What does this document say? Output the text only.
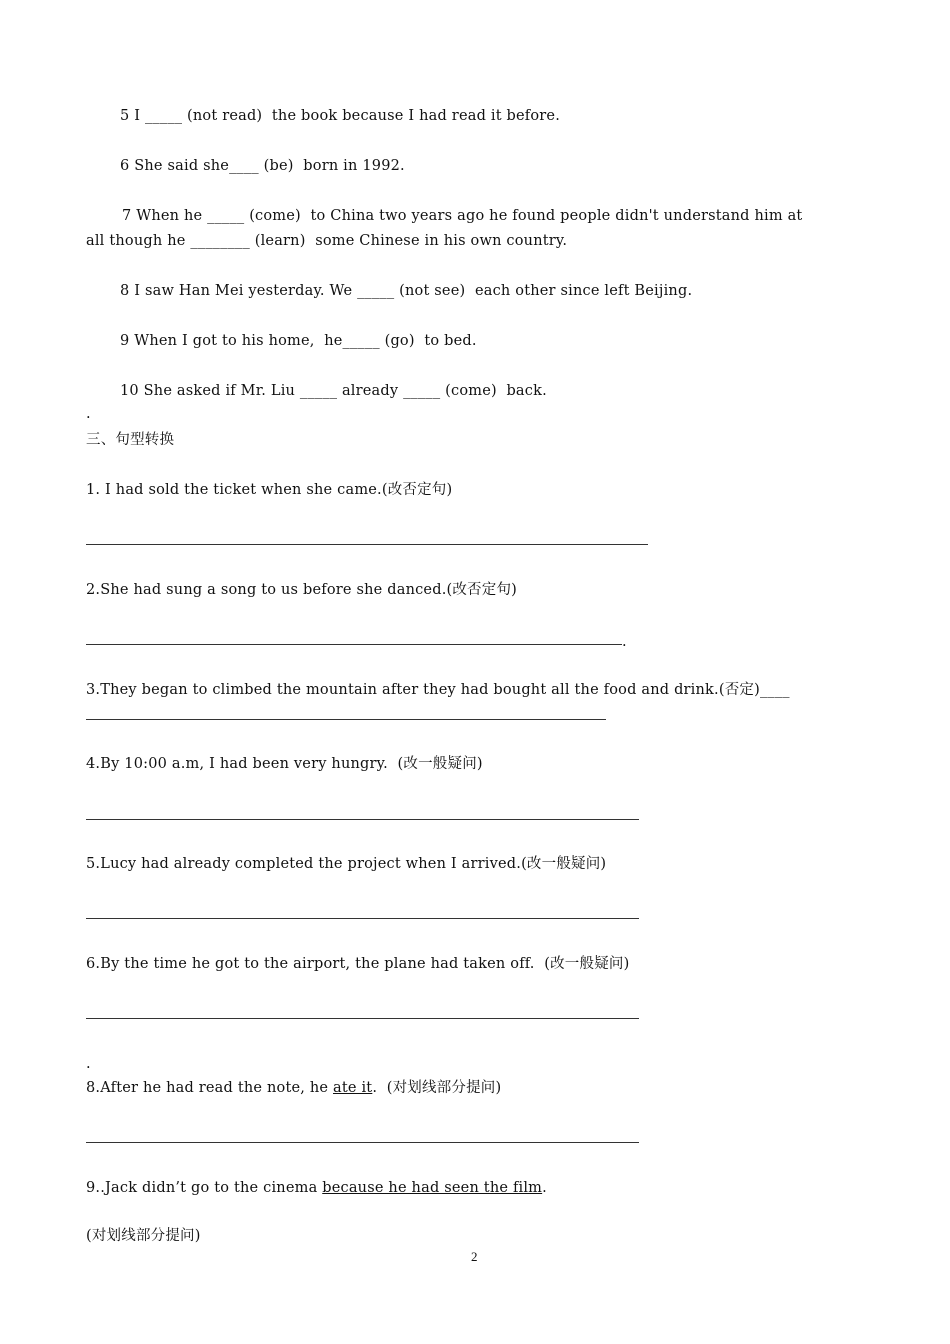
5 I _____ (not read)  the book because I had read it before.
6 She said she____ (be)  born in 1992.
7 When he _____ (come)  to China two years ago he found people didn't understand him at
all though he ________ (learn)  some Chinese in his own country.
8 I saw Han Mei yesterday. We _____ (not see)  each other since left Beijing.
9 When I got to his home,  he_____ (go)  to bed.
10 She asked if Mr. Liu _____ already _____ (come)  back.
.
三、句型转换
1. I had sold the ticket when she came.(改否定句)
2.She had sung a song to us before she danced.(改否定句)
.
3.They began to climbed the mountain after they had bought all the food and drink.(否定)____
4.By 10:00 a.m, I had been very hungry.  (改一般疑问)
5.Lucy had already completed the project when I arrived.(改一般疑问)
6.By the time he got to the airport, the plane had taken off.  (改一般疑问)
.
8.After he had read the note, he ate it.  (对划线部分提问)
9..Jack didn’t go to the cinema because he had seen the film.
(对划线部分提问)
2
